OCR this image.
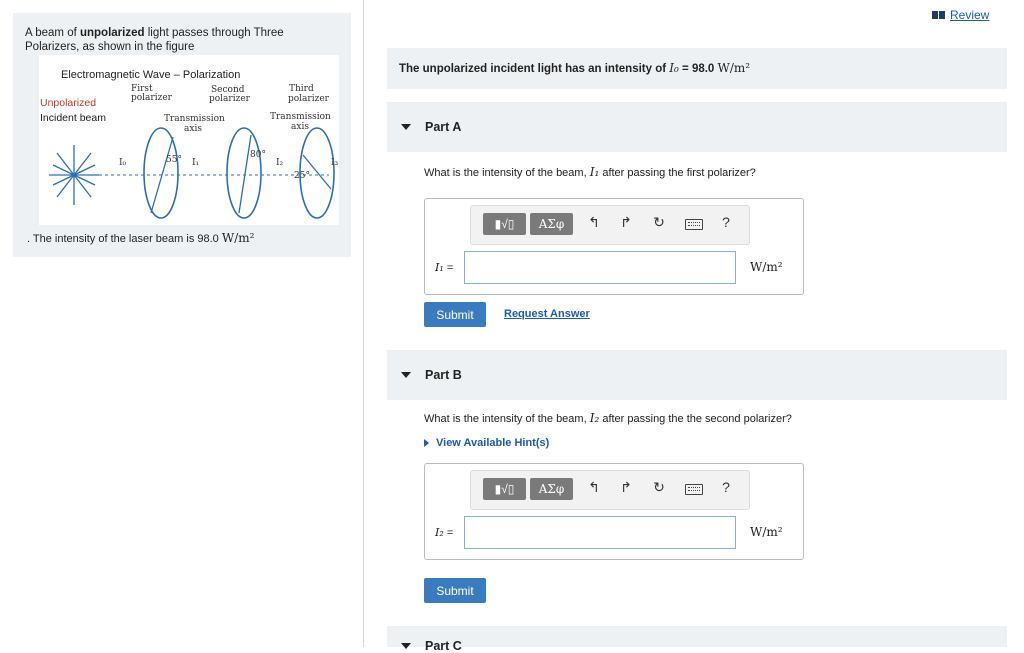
A beam of unpolarized light passes through Three Polarizers, as shown in the figure
Electromagnetic Wave – Polarization
First
polarizer
Second
polarizer
Third
polarizer
Unpolarized
Incident beam	Transmission
axis
Transmission
axis
55°	80°
25°
I₀	I₁	I₂	I₃
. The intensity of the laser beam is 98.0 W/m²
Review
The unpolarized incident light has an intensity of I₀ = 98.0 W/m²
Part A
What is the intensity of the beam, I₁ after passing the first polarizer?
▮√▯	ΑΣφ	↰ ↱ ↻	?
I₁ =	W/m²
Submit	Request Answer
Part B
What is the intensity of the beam, I₂ after passing the the second polarizer?
View Available Hint(s)
▮√▯	ΑΣφ	↰ ↱ ↻	?
I₂ =	W/m²
Submit
Part C
